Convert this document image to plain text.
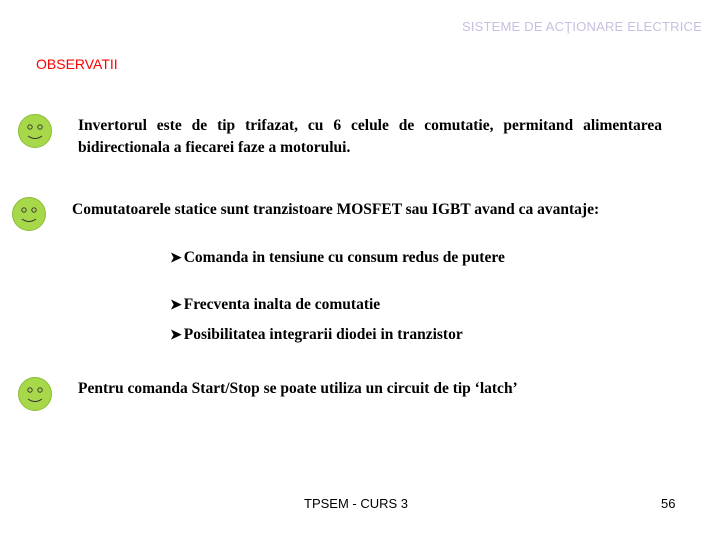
SISTEME DE ACŢIONARE ELECTRICE
OBSERVATII
Invertorul este de tip trifazat, cu 6 celule de comutatie, permitand alimentarea bidirectionala a fiecarei faze a motorului.
Comutatoarele statice sunt tranzistoare MOSFET sau IGBT avand ca avantaje:
➤ Comanda in tensiune cu consum redus de putere
➤ Frecventa inalta de comutatie
➤ Posibilitatea integrarii diodei in tranzistor
Pentru comanda Start/Stop se poate utiliza un circuit de tip ‘latch’
TPSEM - CURS 3	56
